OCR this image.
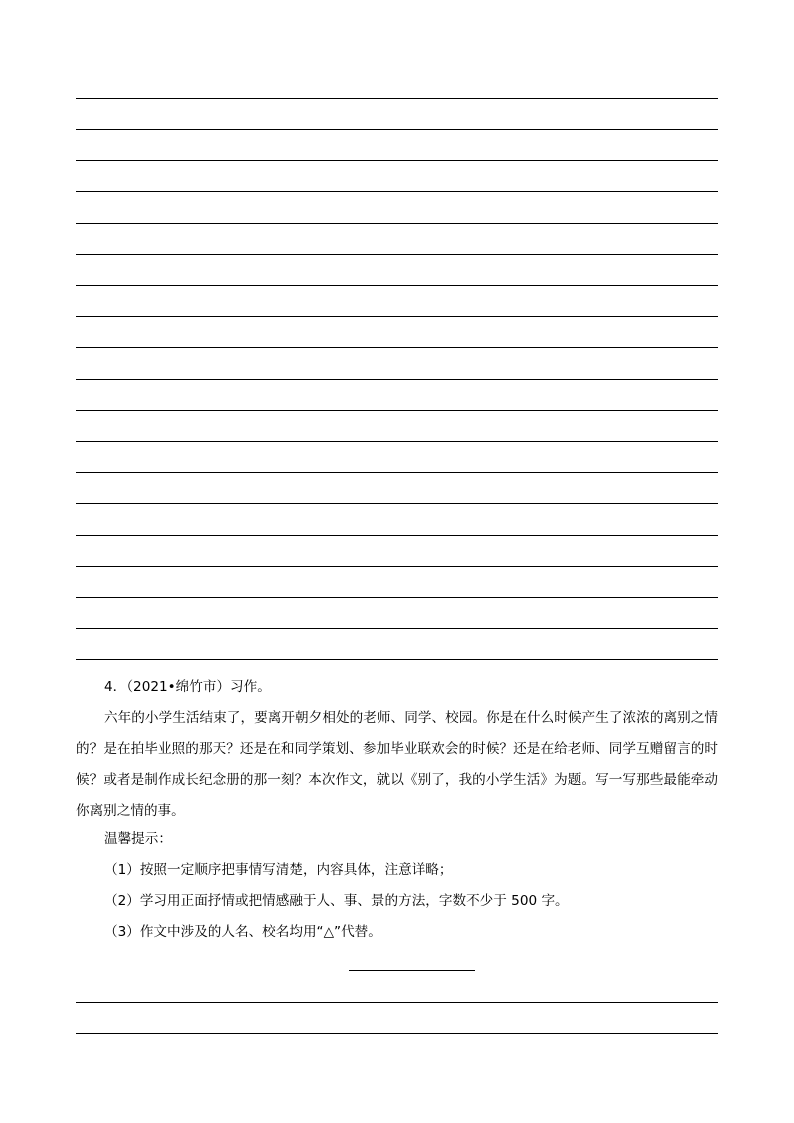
4．（2021•绵竹市）习作。
六年的小学生活结束了，要离开朝夕相处的老师、同学、校园。你是在什么时候产生了浓浓的离别之情的？是在拍毕业照的那天？还是在和同学策划、参加毕业联欢会的时候？还是在给老师、同学互赠留言的时候？或者是制作成长纪念册的那一刻？本次作文，就以《别了，我的小学生活》为题。写一写那些最能牵动你离别之情的事。
温馨提示：
（1）按照一定顺序把事情写清楚，内容具体，注意详略；
（2）学习用正面抒情或把情感融于人、事、景的方法，字数不少于 500 字。
（3）作文中涉及的人名、校名均用“△”代替。
